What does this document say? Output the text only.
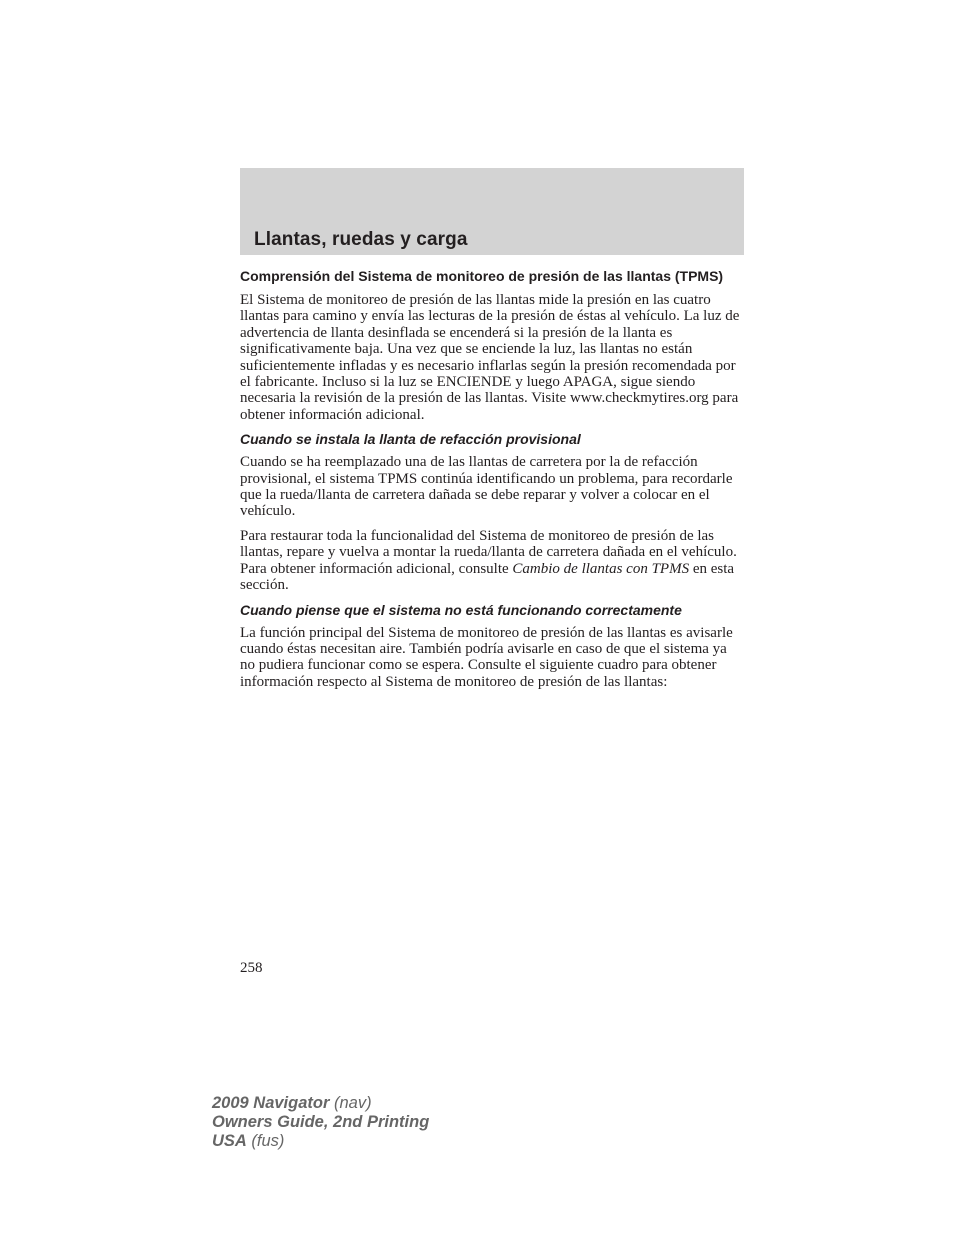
Llantas, ruedas y carga
Comprensión del Sistema de monitoreo de presión de las llantas (TPMS)

El Sistema de monitoreo de presión de las llantas mide la presión en las cuatro llantas para camino y envía las lecturas de la presión de éstas al vehículo. La luz de advertencia de llanta desinflada se encenderá si la presión de la llanta es significativamente baja. Una vez que se enciende la luz, las llantas no están suficientemente infladas y es necesario inflarlas según la presión recomendada por el fabricante. Incluso si la luz se ENCIENDE y luego APAGA, sigue siendo necesaria la revisión de la presión de las llantas. Visite www.checkmytires.org para obtener información adicional.

Cuando se instala la llanta de refacción provisional

Cuando se ha reemplazado una de las llantas de carretera por la de refacción provisional, el sistema TPMS continúa identificando un problema, para recordarle que la rueda/llanta de carretera dañada se debe reparar y volver a colocar en el vehículo.

Para restaurar toda la funcionalidad del Sistema de monitoreo de presión de las llantas, repare y vuelva a montar la rueda/llanta de carretera dañada en el vehículo. Para obtener información adicional, consulte Cambio de llantas con TPMS en esta sección.

Cuando piense que el sistema no está funcionando correctamente

La función principal del Sistema de monitoreo de presión de las llantas es avisarle cuando éstas necesitan aire. También podría avisarle en caso de que el sistema ya no pudiera funcionar como se espera. Consulte el siguiente cuadro para obtener información respecto al Sistema de monitoreo de presión de las llantas:

258
2009 Navigator (nav)
Owners Guide, 2nd Printing
USA (fus)
